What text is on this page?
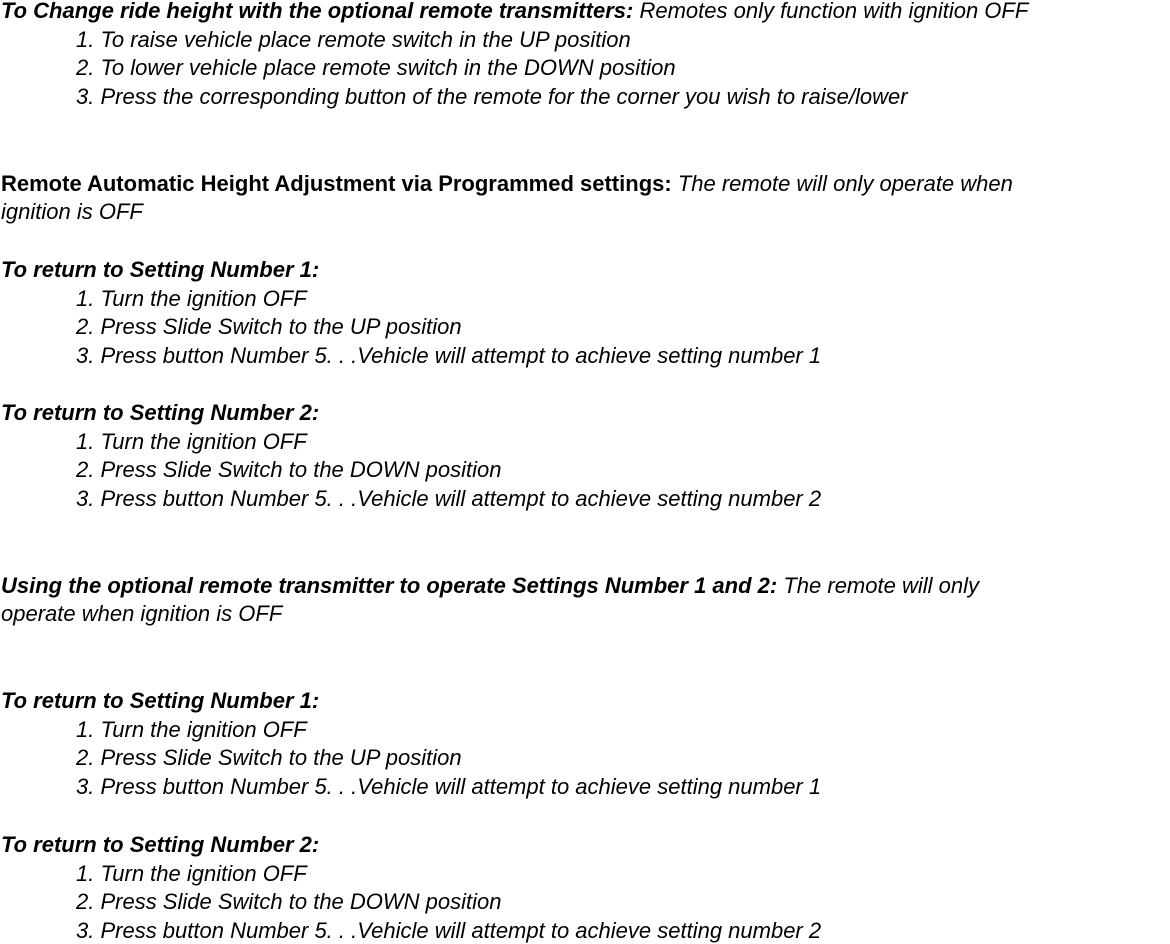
To Change ride height with the optional remote transmitters: Remotes only function with ignition OFF
1. To raise vehicle place remote switch in the UP position
2. To lower vehicle place remote switch in the DOWN position
3. Press the corresponding button of the remote for the corner you wish to raise/lower
Remote Automatic Height Adjustment via Programmed settings: The remote will only operate when
ignition is OFF
To return to Setting Number 1:
1. Turn the ignition OFF
2. Press Slide Switch to the UP position
3. Press button Number 5. . .Vehicle will attempt to achieve setting number 1
To return to Setting Number 2:
1. Turn the ignition OFF
2. Press Slide Switch to the DOWN position
3. Press button Number 5. . .Vehicle will attempt to achieve setting number 2
Using the optional remote transmitter to operate Settings Number 1 and 2: The remote will only
operate when ignition is OFF
To return to Setting Number 1:
1. Turn the ignition OFF
2. Press Slide Switch to the UP position
3. Press button Number 5. . .Vehicle will attempt to achieve setting number 1
To return to Setting Number 2:
1. Turn the ignition OFF
2. Press Slide Switch to the DOWN position
3. Press button Number 5. . .Vehicle will attempt to achieve setting number 2
